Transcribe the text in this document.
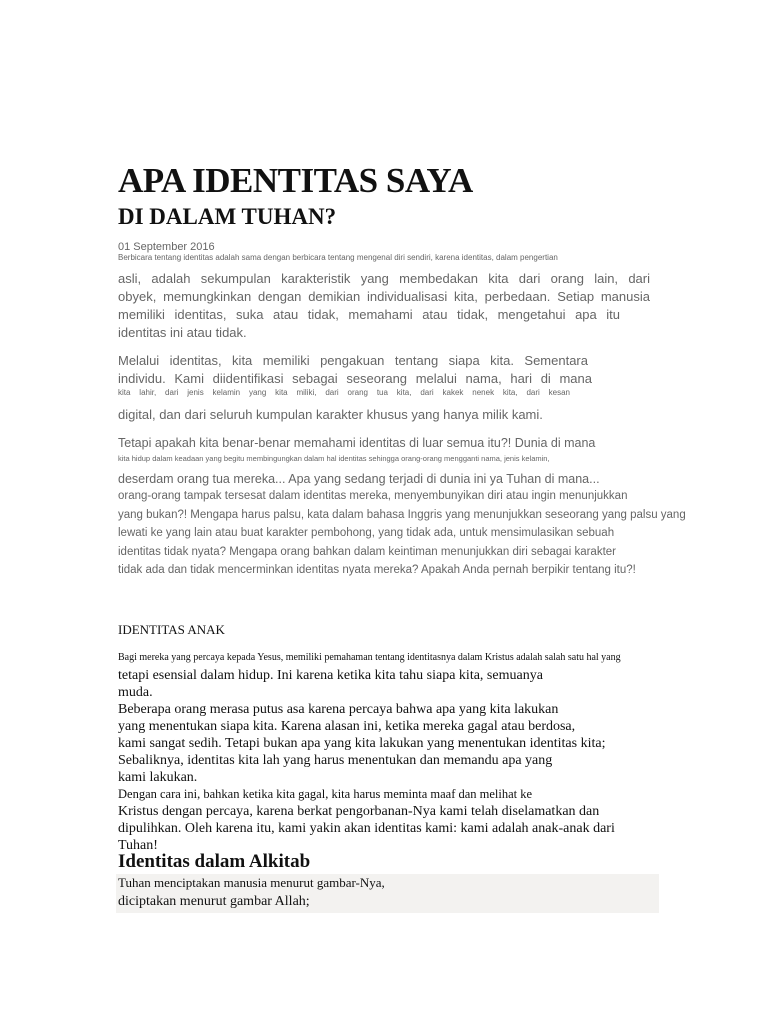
APA IDENTITAS SAYA
DI DALAM TUHAN?
01 September 2016
Berbicara tentang identitas adalah sama dengan berbicara tentang mengenal diri sendiri, karena identitas, dalam pengertian
asli, adalah sekumpulan karakteristik yang membedakan kita dari orang lain, dari
obyek, memungkinkan dengan demikian individualisasi kita, perbedaan. Setiap manusia
memiliki identitas, suka atau tidak, memahami atau tidak, mengetahui apa itu
identitas ini atau tidak.
Melalui identitas, kita memiliki pengakuan tentang siapa kita. Sementara
individu. Kami diidentifikasi sebagai seseorang melalui nama, hari di mana
kita lahir, dari jenis kelamin yang kita miliki, dari orang tua kita, dari kakek nenek kita, dari kesan
digital, dan dari seluruh kumpulan karakter khusus yang hanya milik kami.
Tetapi apakah kita benar-benar memahami identitas di luar semua itu?! Dunia di mana
kita hidup dalam keadaan yang begitu membingungkan dalam hal identitas sehingga orang-orang mengganti nama, jenis kelamin,
deserdam orang tua mereka... Apa yang sedang terjadi di dunia ini ya Tuhan di mana...
orang-orang tampak tersesat dalam identitas mereka, menyembunyikan diri atau ingin menunjukkan
yang bukan?! Mengapa harus palsu, kata dalam bahasa Inggris yang menunjukkan seseorang yang palsu yang
lewati ke yang lain atau buat karakter pembohong, yang tidak ada, untuk mensimulasikan sebuah
identitas tidak nyata? Mengapa orang bahkan dalam keintiman menunjukkan diri sebagai karakter
tidak ada dan tidak mencerminkan identitas nyata mereka? Apakah Anda pernah berpikir tentang itu?!
IDENTITAS ANAK
Bagi mereka yang percaya kepada Yesus, memiliki pemahaman tentang identitasnya dalam Kristus adalah salah satu hal yang
tetapi esensial dalam hidup. Ini karena ketika kita tahu siapa kita, semuanya
muda.
Beberapa orang merasa putus asa karena percaya bahwa apa yang kita lakukan
yang menentukan siapa kita. Karena alasan ini, ketika mereka gagal atau berdosa,
kami sangat sedih. Tetapi bukan apa yang kita lakukan yang menentukan identitas kita;
Sebaliknya, identitas kita lah yang harus menentukan dan memandu apa yang
kami lakukan.
Dengan cara ini, bahkan ketika kita gagal, kita harus meminta maaf dan melihat ke
Kristus dengan percaya, karena berkat pengorbanan-Nya kami telah diselamatkan dan
dipulihkan. Oleh karena itu, kami yakin akan identitas kami: kami adalah anak-anak dari
Tuhan!
Identitas dalam Alkitab
Tuhan menciptakan manusia menurut gambar-Nya,
diciptakan menurut gambar Allah;
